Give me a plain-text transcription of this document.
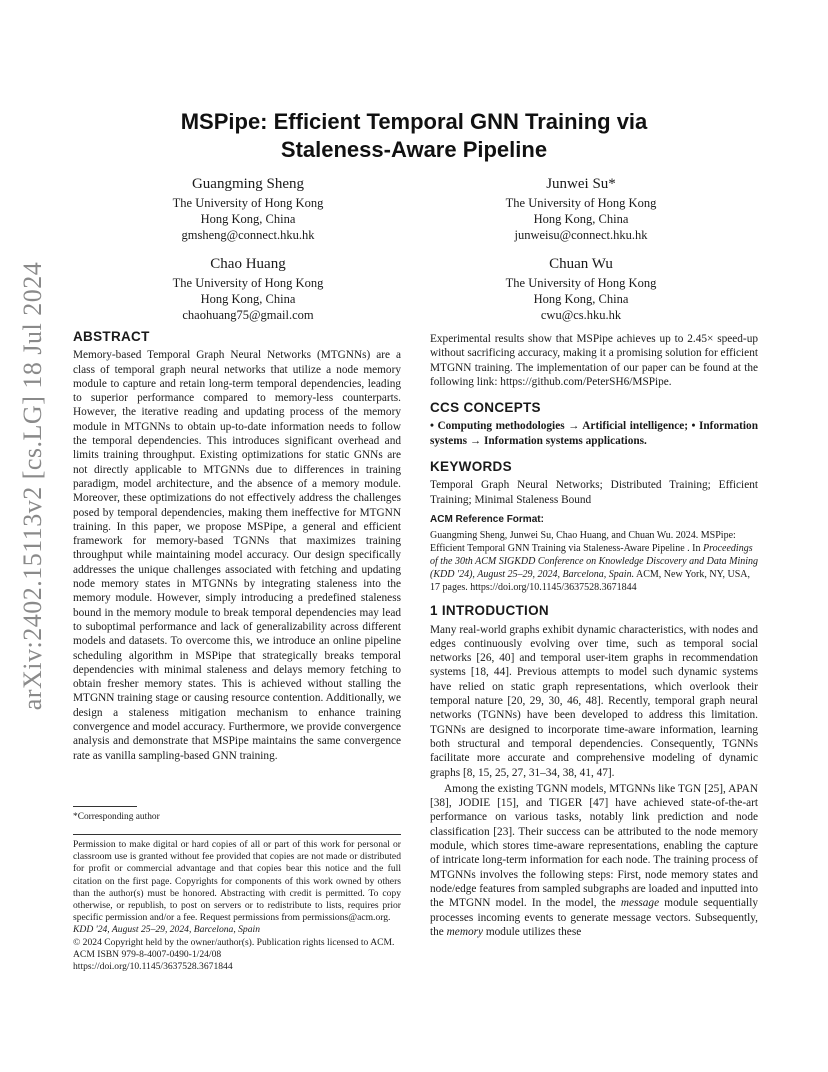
arXiv:2402.15113v2 [cs.LG] 18 Jul 2024
MSPipe: Efficient Temporal GNN Training via
Staleness-Aware Pipeline
Guangming Sheng
The University of Hong Kong
Hong Kong, China
gmsheng@connect.hku.hk
Junwei Su*
The University of Hong Kong
Hong Kong, China
junweisu@connect.hku.hk
Chao Huang
The University of Hong Kong
Hong Kong, China
chaohuang75@gmail.com
Chuan Wu
The University of Hong Kong
Hong Kong, China
cwu@cs.hku.hk
ABSTRACT

Memory-based Temporal Graph Neural Networks (MTGNNs) are a class of temporal graph neural networks that utilize a node memory module to capture and retain long-term temporal dependencies, leading to superior performance compared to memory-less counterparts. However, the iterative reading and updating process of the memory module in MTGNNs to obtain up-to-date information needs to follow the temporal dependencies. This introduces significant overhead and limits training throughput. Existing optimizations for static GNNs are not directly applicable to MTGNNs due to differences in training paradigm, model architecture, and the absence of a memory module. Moreover, these optimizations do not effectively address the challenges posed by temporal dependencies, making them ineffective for MTGNN training. In this paper, we propose MSPipe, a general and efficient framework for memory-based TGNNs that maximizes training throughput while maintaining model accuracy. Our design specifically addresses the unique challenges associated with fetching and updating node memory states in MTGNNs by integrating staleness into the memory module. However, simply introducing a predefined staleness bound in the memory module to break temporal dependencies may lead to suboptimal performance and lack of generalizability across different models and datasets. To overcome this, we introduce an online pipeline scheduling algorithm in MSPipe that strategically breaks temporal dependencies with minimal staleness and delays memory fetching to obtain fresher memory states. This is achieved without stalling the MTGNN training stage or causing resource contention. Additionally, we design a staleness mitigation mechanism to enhance training convergence and model accuracy. Furthermore, we provide convergence analysis and demonstrate that MSPipe maintains the same convergence rate as vanilla sampling-based GNN training.

*Corresponding author
Permission to make digital or hard copies of all or part of this work for personal or classroom use is granted without fee provided that copies are not made or distributed for profit or commercial advantage and that copies bear this notice and the full citation on the first page. Copyrights for components of this work owned by others than the author(s) must be honored. Abstracting with credit is permitted. To copy otherwise, or republish, to post on servers or to redistribute to lists, requires prior specific permission and/or a fee. Request permissions from permissions@acm.org.
KDD '24, August 25–29, 2024, Barcelona, Spain
© 2024 Copyright held by the owner/author(s). Publication rights licensed to ACM.
ACM ISBN 979-8-4007-0490-1/24/08
https://doi.org/10.1145/3637528.3671844

Experimental results show that MSPipe achieves up to 2.45× speed-up without sacrificing accuracy, making it a promising solution for efficient MTGNN training. The implementation of our paper can be found at the following link: https://github.com/PeterSH6/MSPipe.

CCS CONCEPTS

• Computing methodologies → Artificial intelligence; • Information systems → Information systems applications.

KEYWORDS

Temporal Graph Neural Networks; Distributed Training; Efficient Training; Minimal Staleness Bound

ACM Reference Format:

Guangming Sheng, Junwei Su, Chao Huang, and Chuan Wu. 2024. MSPipe: Efficient Temporal GNN Training via Staleness-Aware Pipeline . In Proceedings of the 30th ACM SIGKDD Conference on Knowledge Discovery and Data Mining (KDD '24), August 25–29, 2024, Barcelona, Spain. ACM, New York, NY, USA, 17 pages. https://doi.org/10.1145/3637528.3671844

1 INTRODUCTION

Many real-world graphs exhibit dynamic characteristics, with nodes and edges continuously evolving over time, such as temporal social networks [26, 40] and temporal user-item graphs in recommendation systems [18, 44]. Previous attempts to model such dynamic systems have relied on static graph representations, which overlook their temporal nature [20, 29, 30, 46, 48]. Recently, temporal graph neural networks (TGNNs) have been developed to address this limitation. TGNNs are designed to incorporate time-aware information, learning both structural and temporal dependencies. Consequently, TGNNs facilitate more accurate and comprehensive modeling of dynamic graphs [8, 15, 25, 27, 31–34, 38, 41, 47].

Among the existing TGNN models, MTGNNs like TGN [25], APAN [38], JODIE [15], and TIGER [47] have achieved state-of-the-art performance on various tasks, notably link prediction and node classification [23]. Their success can be attributed to the node memory module, which stores time-aware representations, enabling the capture of intricate long-term information for each node. The training process of MTGNNs involves the following steps: First, node memory states and node/edge features from sampled subgraphs are loaded and inputted into the MTGNN model. In the model, the message module sequentially processes incoming events to generate message vectors. Subsequently, the memory module utilizes these
